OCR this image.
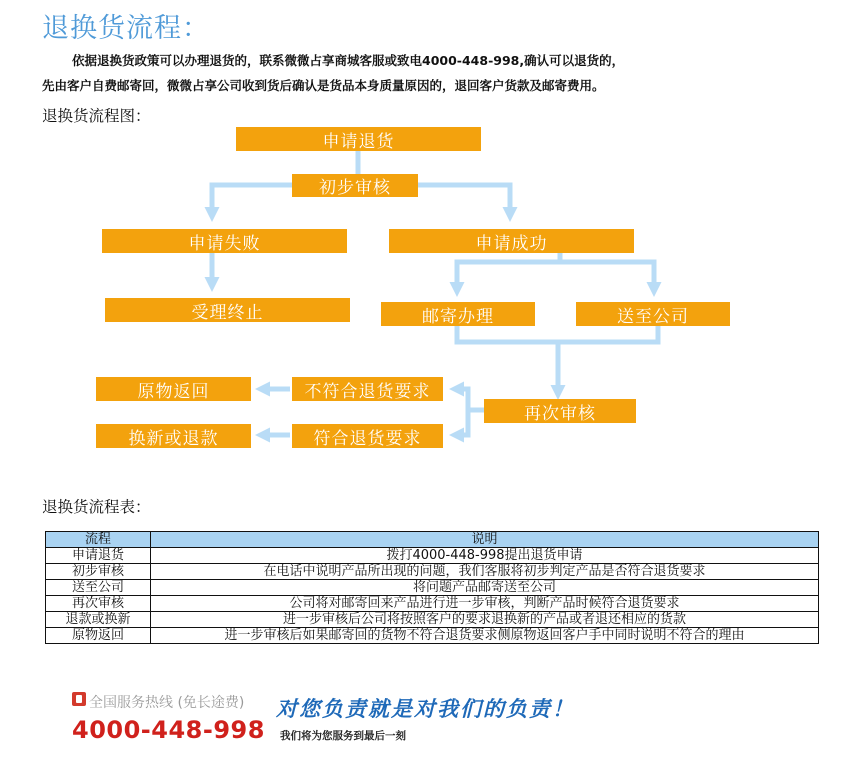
退换货流程：
依据退换货政策可以办理退货的，联系微微占享商城客服或致电4000-448-998,确认可以退货的，
先由客户自费邮寄回，微微占享公司收到货后确认是货品本身质量原因的，退回客户货款及邮寄费用。
退换货流程图：
申请退货
初步审核
申请失败	申请成功
受理终止	邮寄办理	送至公司
再次审核
不符合退货要求
符合退货要求
原物返回
换新或退款
退换货流程表：
流程	说明
申请退货	拨打4000-448-998提出退货申请
初步审核	在电话中说明产品所出现的问题，我们客服将初步判定产品是否符合退货要求
送至公司	将问题产品邮寄送至公司
再次审核	公司将对邮寄回来产品进行进一步审核，判断产品时候符合退货要求
退款或换新	进一步审核后公司将按照客户的要求退换新的产品或者退还相应的货款
原物返回	进一步审核后如果邮寄回的货物不符合退货要求侧原物返回客户手中同时说明不符合的理由
全国服务热线 (免长途费) 对您负责就是对我们的负责！
4000-448-998 我们将为您服务到最后一刻
